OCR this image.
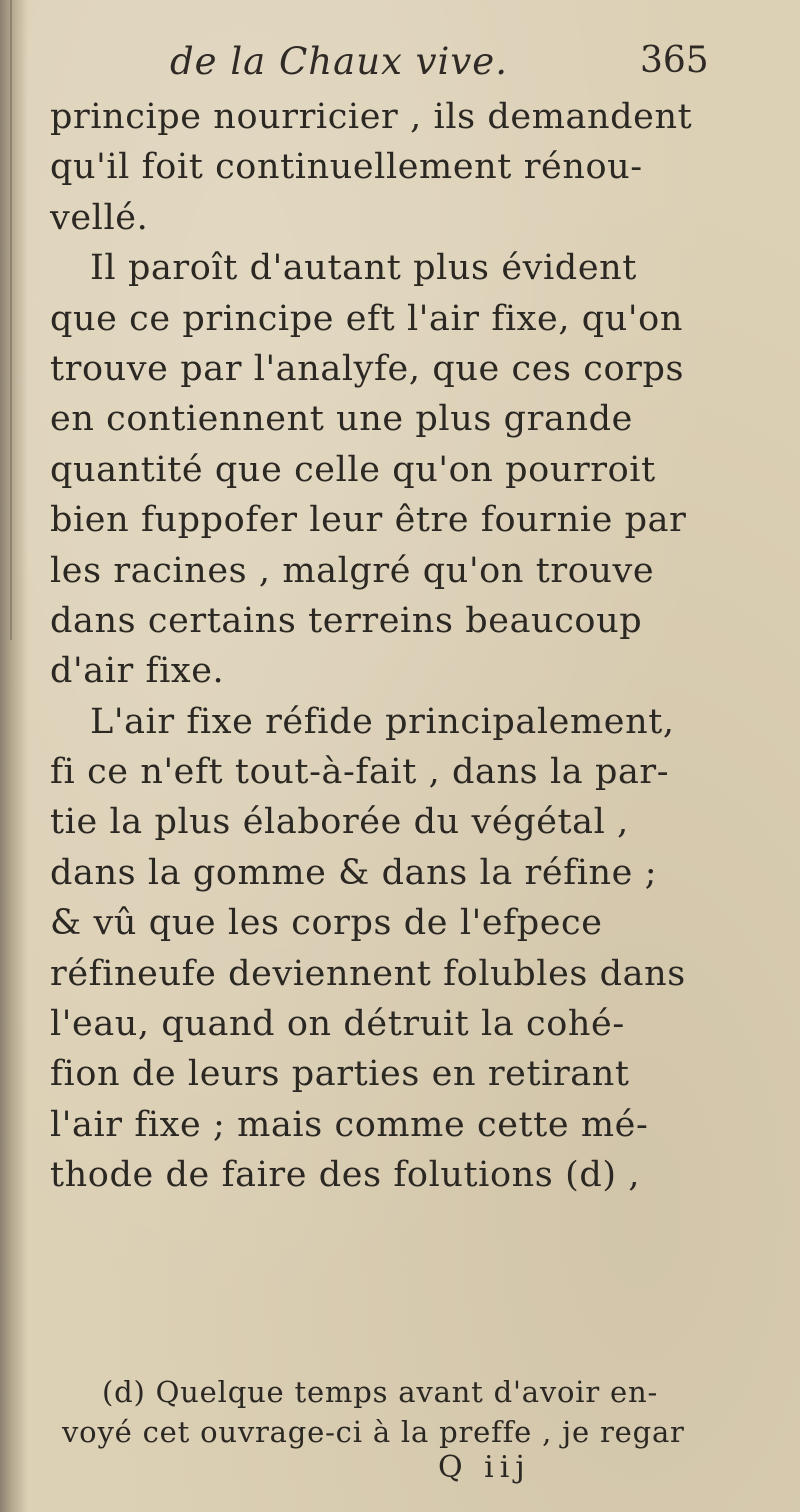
de la Chaux vive.	365
principe nourricier , ils demandent
qu'il foit continuellement rénou-
vellé.
Il paroît d'autant plus évident
que ce principe eft l'air fixe, qu'on
trouve par l'analyfe, que ces corps
en contiennent une plus grande
quantité que celle qu'on pourroit
bien fuppofer leur être fournie par
les racines , malgré qu'on trouve
dans certains terreins beaucoup
d'air fixe.
L'air fixe réfide principalement,
fi ce n'eft tout-à-fait , dans la par-
tie la plus élaborée du végétal ,
dans la gomme & dans la réfine ;
& vû que les corps de l'efpece
réfineufe deviennent folubles dans
l'eau, quand on détruit la cohé-
fion de leurs parties en retirant
l'air fixe ; mais comme cette mé-
thode de faire des folutions (d) ,
(d) Quelque temps avant d'avoir en-
voyé cet ouvrage-ci à la preffe , je regar
Q iij
